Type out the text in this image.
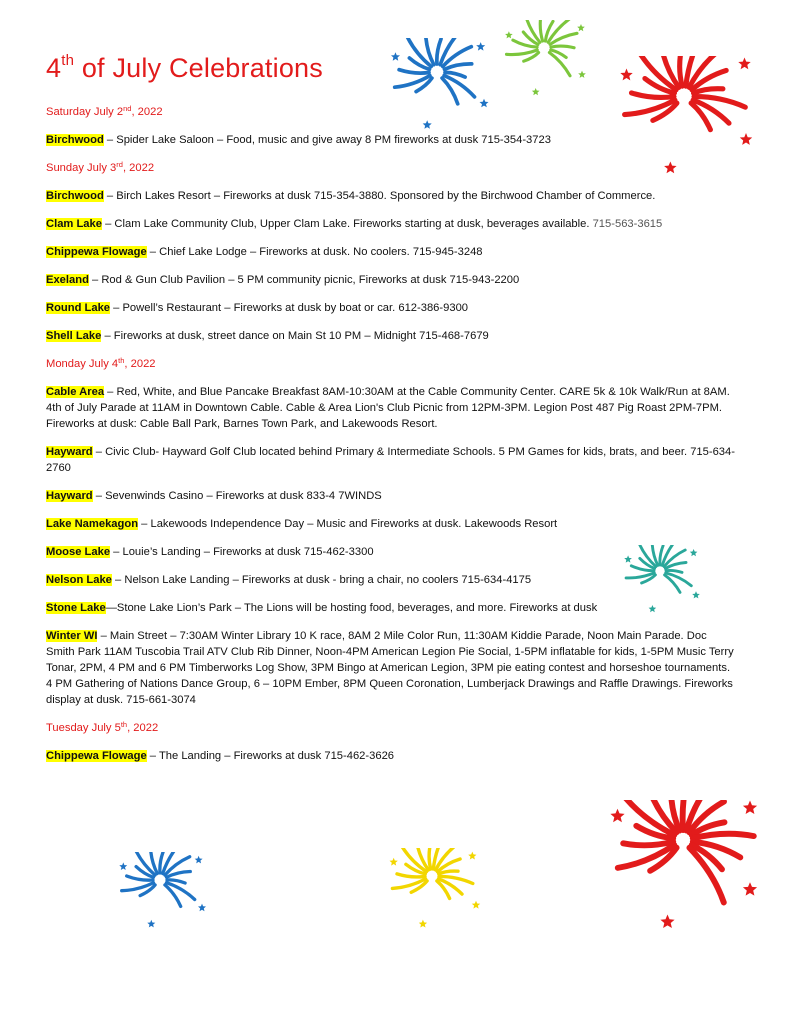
4th of July Celebrations
Saturday July 2nd, 2022
Birchwood – Spider Lake Saloon – Food, music and give away 8 PM fireworks at dusk 715-354-3723
Sunday July 3rd, 2022
Birchwood – Birch Lakes Resort – Fireworks at dusk 715-354-3880. Sponsored by the Birchwood Chamber of Commerce.
Clam Lake – Clam Lake Community Club, Upper Clam Lake. Fireworks starting at dusk, beverages available. 715-563-3615
Chippewa Flowage – Chief Lake Lodge – Fireworks at dusk. No coolers. 715-945-3248
Exeland – Rod & Gun Club Pavilion – 5 PM community picnic, Fireworks at dusk 715-943-2200
Round Lake – Powell’s Restaurant – Fireworks at dusk by boat or car. 612-386-9300
Shell Lake – Fireworks at dusk, street dance on Main St 10 PM – Midnight 715-468-7679
Monday July 4th, 2022
Cable Area – Red, White, and Blue Pancake Breakfast 8AM-10:30AM at the Cable Community Center. CARE 5k & 10k Walk/Run at 8AM. 4th of July Parade at 11AM in Downtown Cable. Cable & Area Lion's Club Picnic from 12PM-3PM. Legion Post 487 Pig Roast 2PM-7PM. Fireworks at dusk: Cable Ball Park, Barnes Town Park, and Lakewoods Resort.
Hayward – Civic Club- Hayward Golf Club located behind Primary & Intermediate Schools. 5 PM Games for kids, brats, and beer. 715-634-2760
Hayward – Sevenwinds Casino – Fireworks at dusk 833-4 7WINDS
Lake Namekagon – Lakewoods Independence Day – Music and Fireworks at dusk. Lakewoods Resort
Moose Lake – Louie’s Landing – Fireworks at dusk 715-462-3300
Nelson Lake – Nelson Lake Landing – Fireworks at dusk - bring a chair, no coolers 715-634-4175
Stone Lake—Stone Lake Lion’s Park – The Lions will be hosting food, beverages, and more. Fireworks at dusk
Winter WI – Main Street – 7:30AM Winter Library 10 K race, 8AM 2 Mile Color Run, 11:30AM Kiddie Parade, Noon Main Parade. Doc Smith Park 11AM Tuscobia Trail ATV Club Rib Dinner, Noon-4PM American Legion Pie Social, 1-5PM inflatable for kids, 1-5PM Music Terry Tonar, 2PM, 4 PM and 6 PM Timberworks Log Show, 3PM Bingo at American Legion, 3PM pie eating contest and horseshoe tournaments. 4 PM Gathering of Nations Dance Group, 6 – 10PM Ember, 8PM Queen Coronation, Lumberjack Drawings and Raffle Drawings. Fireworks display at dusk. 715-661-3074
Tuesday July 5th, 2022
Chippewa Flowage – The Landing – Fireworks at dusk 715-462-3626
